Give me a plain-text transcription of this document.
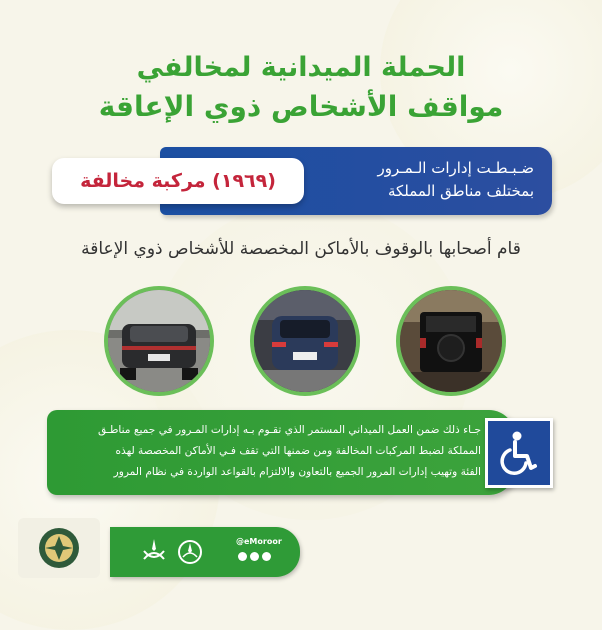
الحملة الميدانية لمخالفي
مواقف الأشخاص ذوي الإعاقة
ضـبـطـت إدارات الـمـرور
بمختلف مناطق المملكة
(١٩٦٩) مركبة مخالفة
قام أصحابها بالوقوف بالأماكن المخصصة للأشخاص ذوي الإعاقة
جـاء ذلك ضمن العمل الميداني المستمر الذي تقـوم بـه إدارات المـرور في جميع مناطـق
المملكة لضبط المركبات المخالفة ومن ضمنها التي تقف فـي الأماكن المخصصة لهذه
الفئة وتهيب إدارات المرور الجميع بالتعاون والالتزام بالقواعد الواردة في نظام المرور
@eMoroor
